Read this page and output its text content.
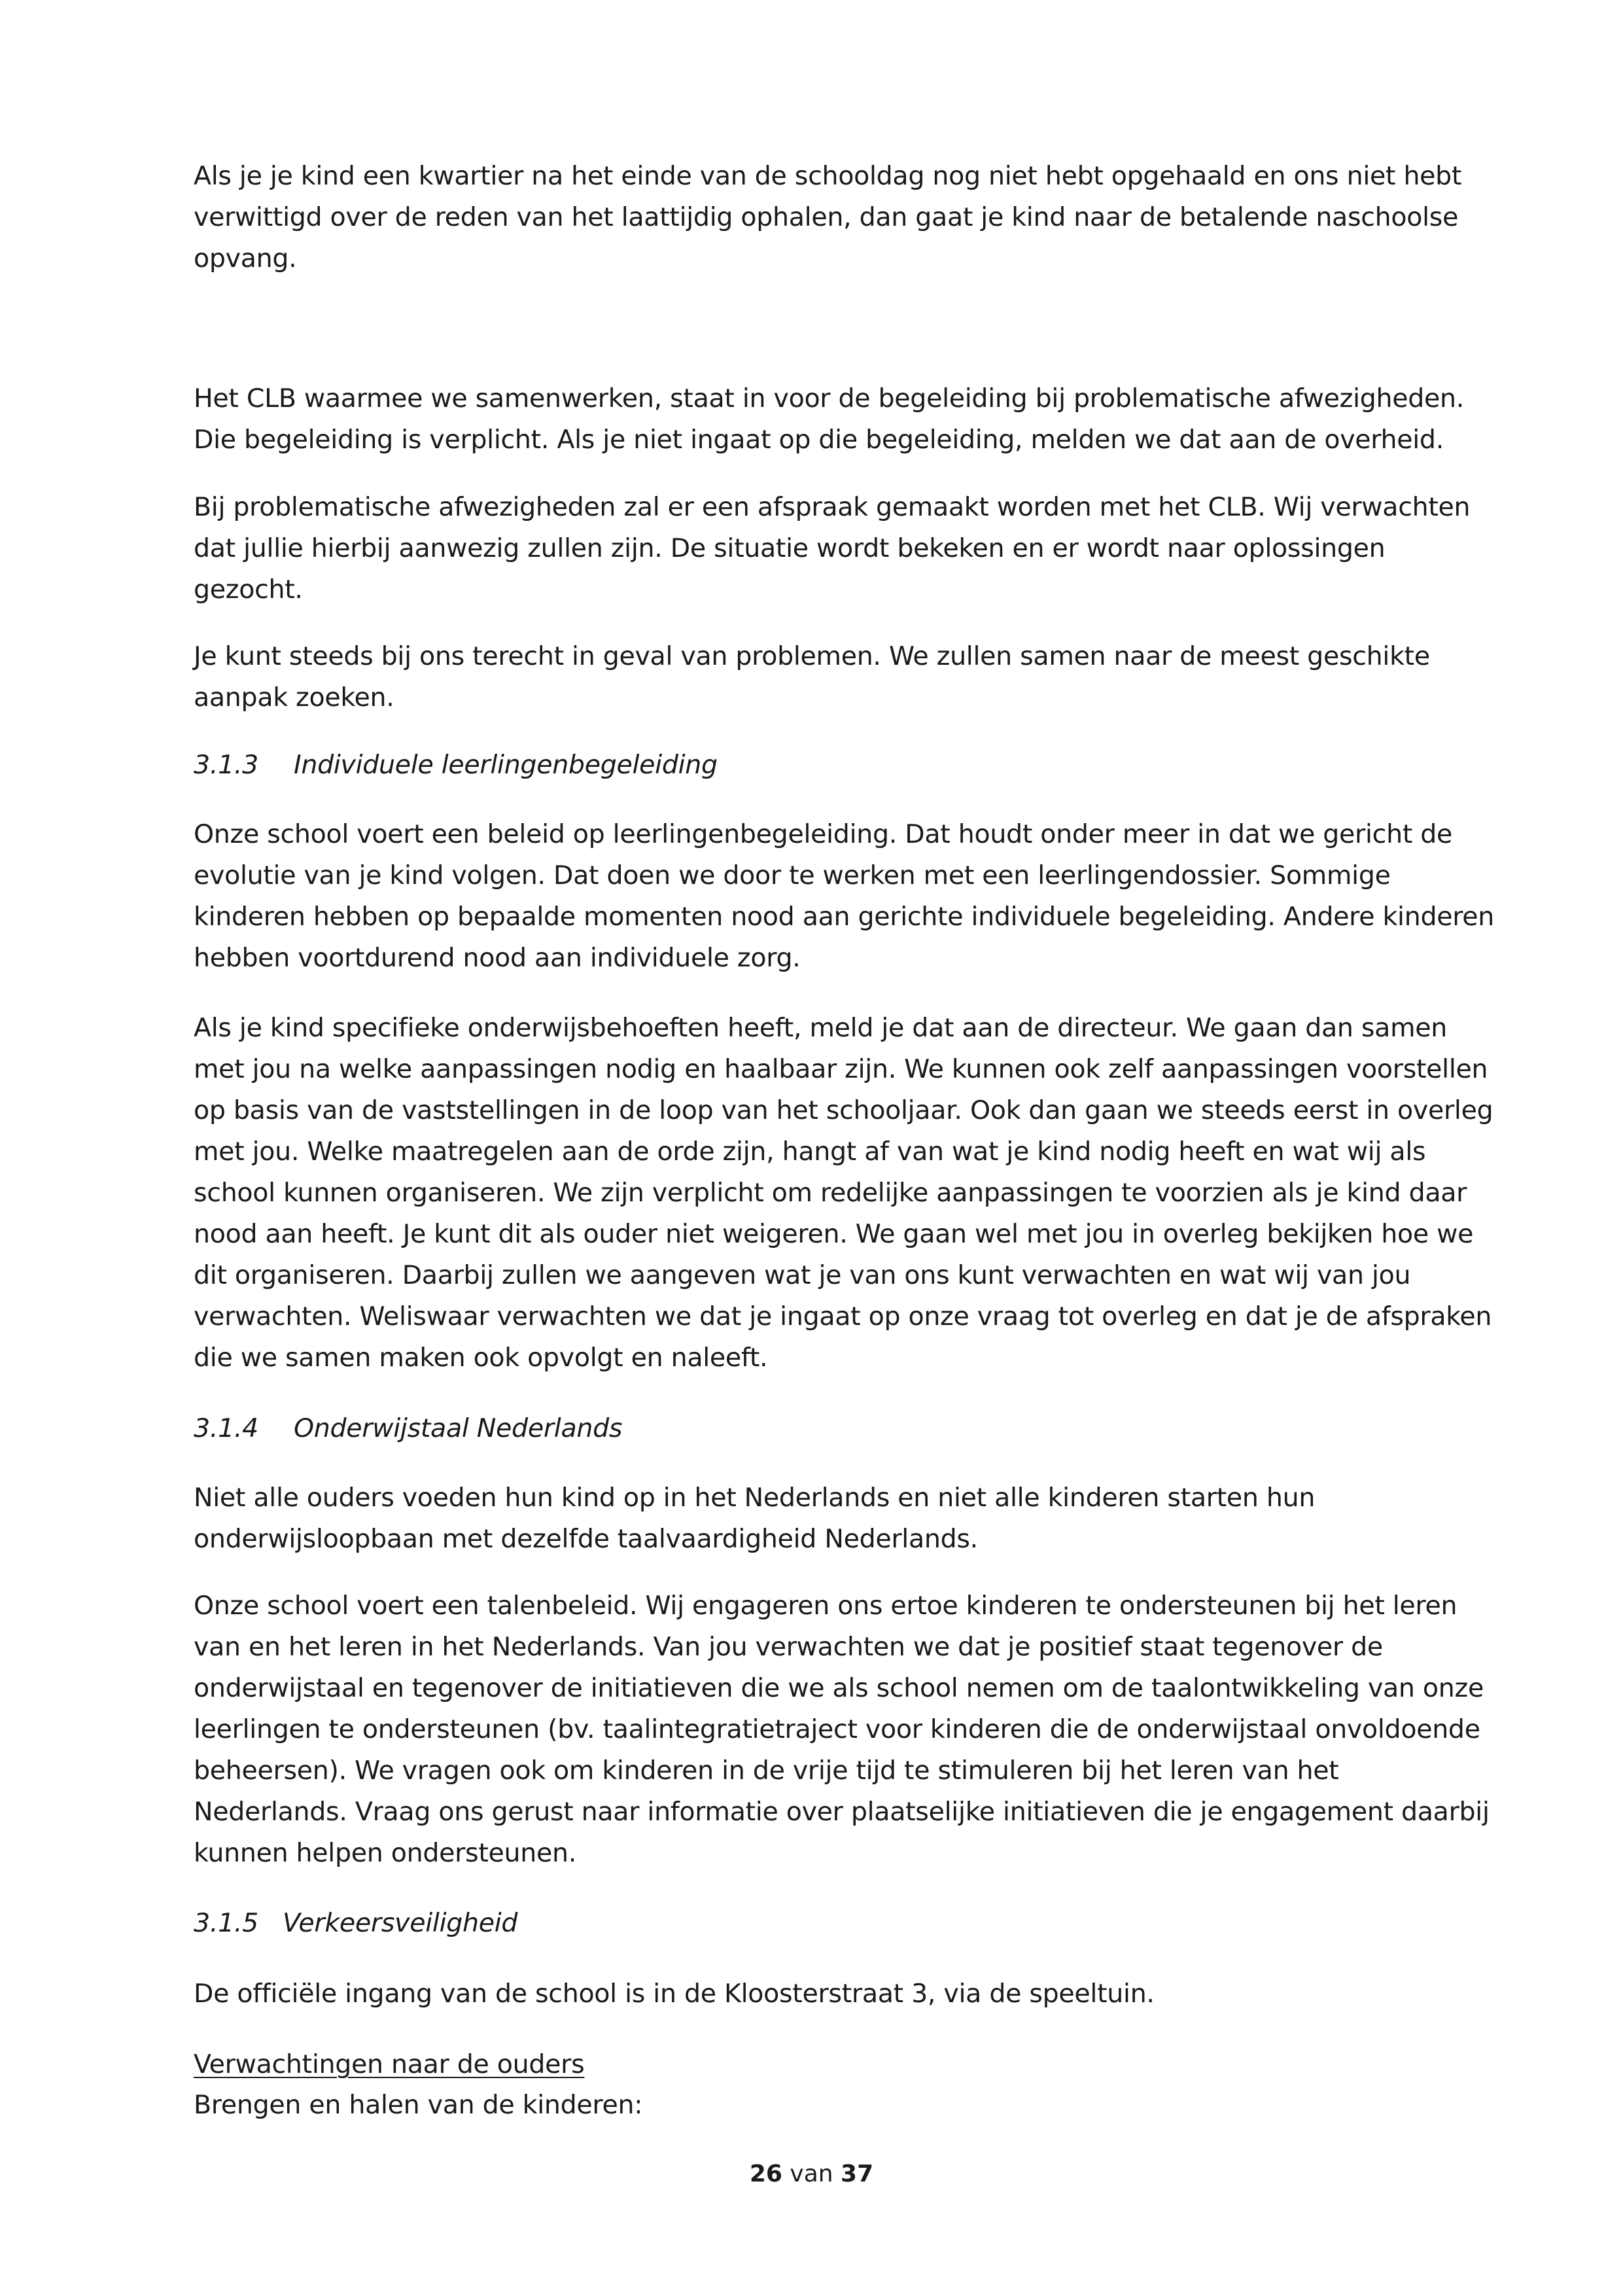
Als je je kind een kwartier na het einde van de schooldag nog niet hebt opgehaald en ons niet hebt
verwittigd over de reden van het laattijdig ophalen, dan gaat je kind naar de betalende naschoolse
opvang.
Het CLB waarmee we samenwerken, staat in voor de begeleiding bij problematische afwezigheden.
Die begeleiding is verplicht. Als je niet ingaat op die begeleiding, melden we dat aan de overheid.
Bij problematische afwezigheden zal er een afspraak gemaakt worden met het CLB. Wij verwachten
dat jullie hierbij aanwezig zullen zijn. De situatie wordt bekeken en er wordt naar oplossingen
gezocht.
Je kunt steeds bij ons terecht in geval van problemen. We zullen samen naar de meest geschikte
aanpak zoeken.
3.1.3 Individuele leerlingenbegeleiding
Onze school voert een beleid op leerlingenbegeleiding. Dat houdt onder meer in dat we gericht de
evolutie van je kind volgen. Dat doen we door te werken met een leerlingendossier. Sommige
kinderen hebben op bepaalde momenten nood aan gerichte individuele begeleiding. Andere kinderen
hebben voortdurend nood aan individuele zorg.
Als je kind specifieke onderwijsbehoeften heeft, meld je dat aan de directeur. We gaan dan samen
met jou na welke aanpassingen nodig en haalbaar zijn. We kunnen ook zelf aanpassingen voorstellen
op basis van de vaststellingen in de loop van het schooljaar. Ook dan gaan we steeds eerst in overleg
met jou. Welke maatregelen aan de orde zijn, hangt af van wat je kind nodig heeft en wat wij als
school kunnen organiseren. We zijn verplicht om redelijke aanpassingen te voorzien als je kind daar
nood aan heeft. Je kunt dit als ouder niet weigeren. We gaan wel met jou in overleg bekijken hoe we
dit organiseren. Daarbij zullen we aangeven wat je van ons kunt verwachten en wat wij van jou
verwachten. Weliswaar verwachten we dat je ingaat op onze vraag tot overleg en dat je de afspraken
die we samen maken ook opvolgt en naleeft.
3.1.4 Onderwijstaal Nederlands
Niet alle ouders voeden hun kind op in het Nederlands en niet alle kinderen starten hun
onderwijsloopbaan met dezelfde taalvaardigheid Nederlands.
Onze school voert een talenbeleid. Wij engageren ons ertoe kinderen te ondersteunen bij het leren
van en het leren in het Nederlands. Van jou verwachten we dat je positief staat tegenover de
onderwijstaal en tegenover de initiatieven die we als school nemen om de taalontwikkeling van onze
leerlingen te ondersteunen (bv. taalintegratietraject voor kinderen die de onderwijstaal onvoldoende
beheersen). We vragen ook om kinderen in de vrije tijd te stimuleren bij het leren van het
Nederlands. Vraag ons gerust naar informatie over plaatselijke initiatieven die je engagement daarbij
kunnen helpen ondersteunen.
3.1.5 Verkeersveiligheid
De officiële ingang van de school is in de Kloosterstraat 3, via de speeltuin.
Verwachtingen naar de ouders
Brengen en halen van de kinderen:
26 van 37
